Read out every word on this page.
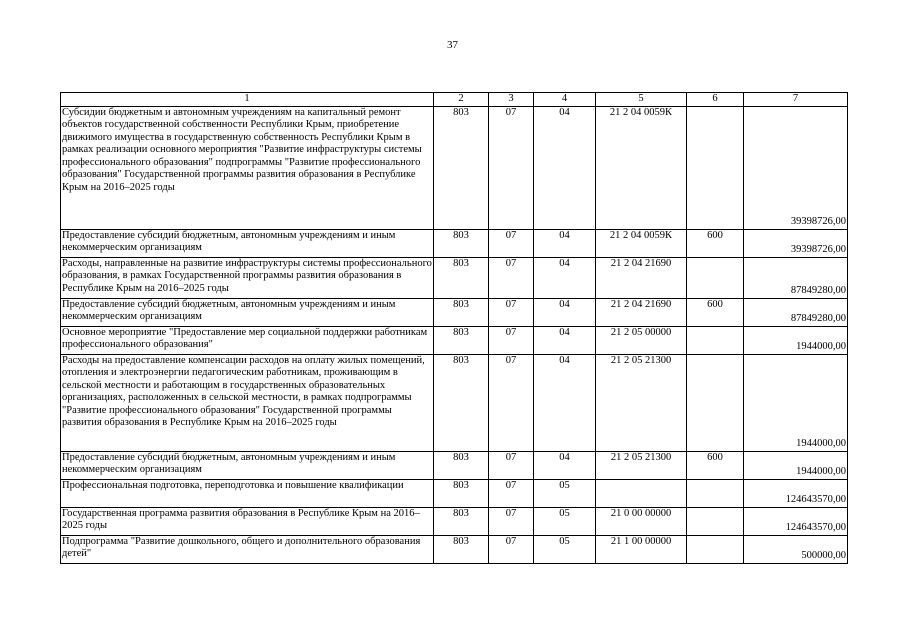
37
1	2	3	4	5	6	7
Субсидии бюджетным и автономным учреждениям на капитальный ремонт объектов государственной собственности Республики Крым, приобретение движимого имущества в государственную собственность Республики Крым в рамках реализации основного мероприятия "Развитие инфраструктуры системы профессионального образования" подпрограммы "Развитие профессионального образования" Государственной программы развития образования в Республике Крым на 2016–2025 годы	803	07	04	21 2 04 0059К		39398726,00
Предоставление субсидий бюджетным, автономным учреждениям и иным некоммерческим организациям	803	07	04	21 2 04 0059К	600	39398726,00
Расходы, направленные на развитие инфраструктуры системы профессионального образования, в рамках Государственной программы развития образования в Республике Крым на 2016–2025 годы	803	07	04	21 2 04 21690		87849280,00
Предоставление субсидий бюджетным, автономным учреждениям и иным некоммерческим организациям	803	07	04	21 2 04 21690	600	87849280,00
Основное мероприятие "Предоставление мер социальной поддержки работникам профессионального образования"	803	07	04	21 2 05 00000		1944000,00
Расходы на предоставление компенсации расходов на оплату жилых помещений, отопления и электроэнергии педагогическим работникам, проживающим в сельской местности и работающим в государственных образовательных организациях, расположенных в сельской местности, в рамках подпрограммы "Развитие профессионального образования" Государственной программы развития образования в Республике Крым на 2016–2025 годы	803	07	04	21 2 05 21300		1944000,00
Предоставление субсидий бюджетным, автономным учреждениям и иным некоммерческим организациям	803	07	04	21 2 05 21300	600	1944000,00
Профессиональная подготовка, переподготовка и повышение квалификации	803	07	05			124643570,00
Государственная программа развития образования в Республике Крым на 2016–2025 годы	803	07	05	21 0 00 00000		124643570,00
Подпрограмма "Развитие дошкольного, общего и дополнительного образования детей"	803	07	05	21 1 00 00000		500000,00
